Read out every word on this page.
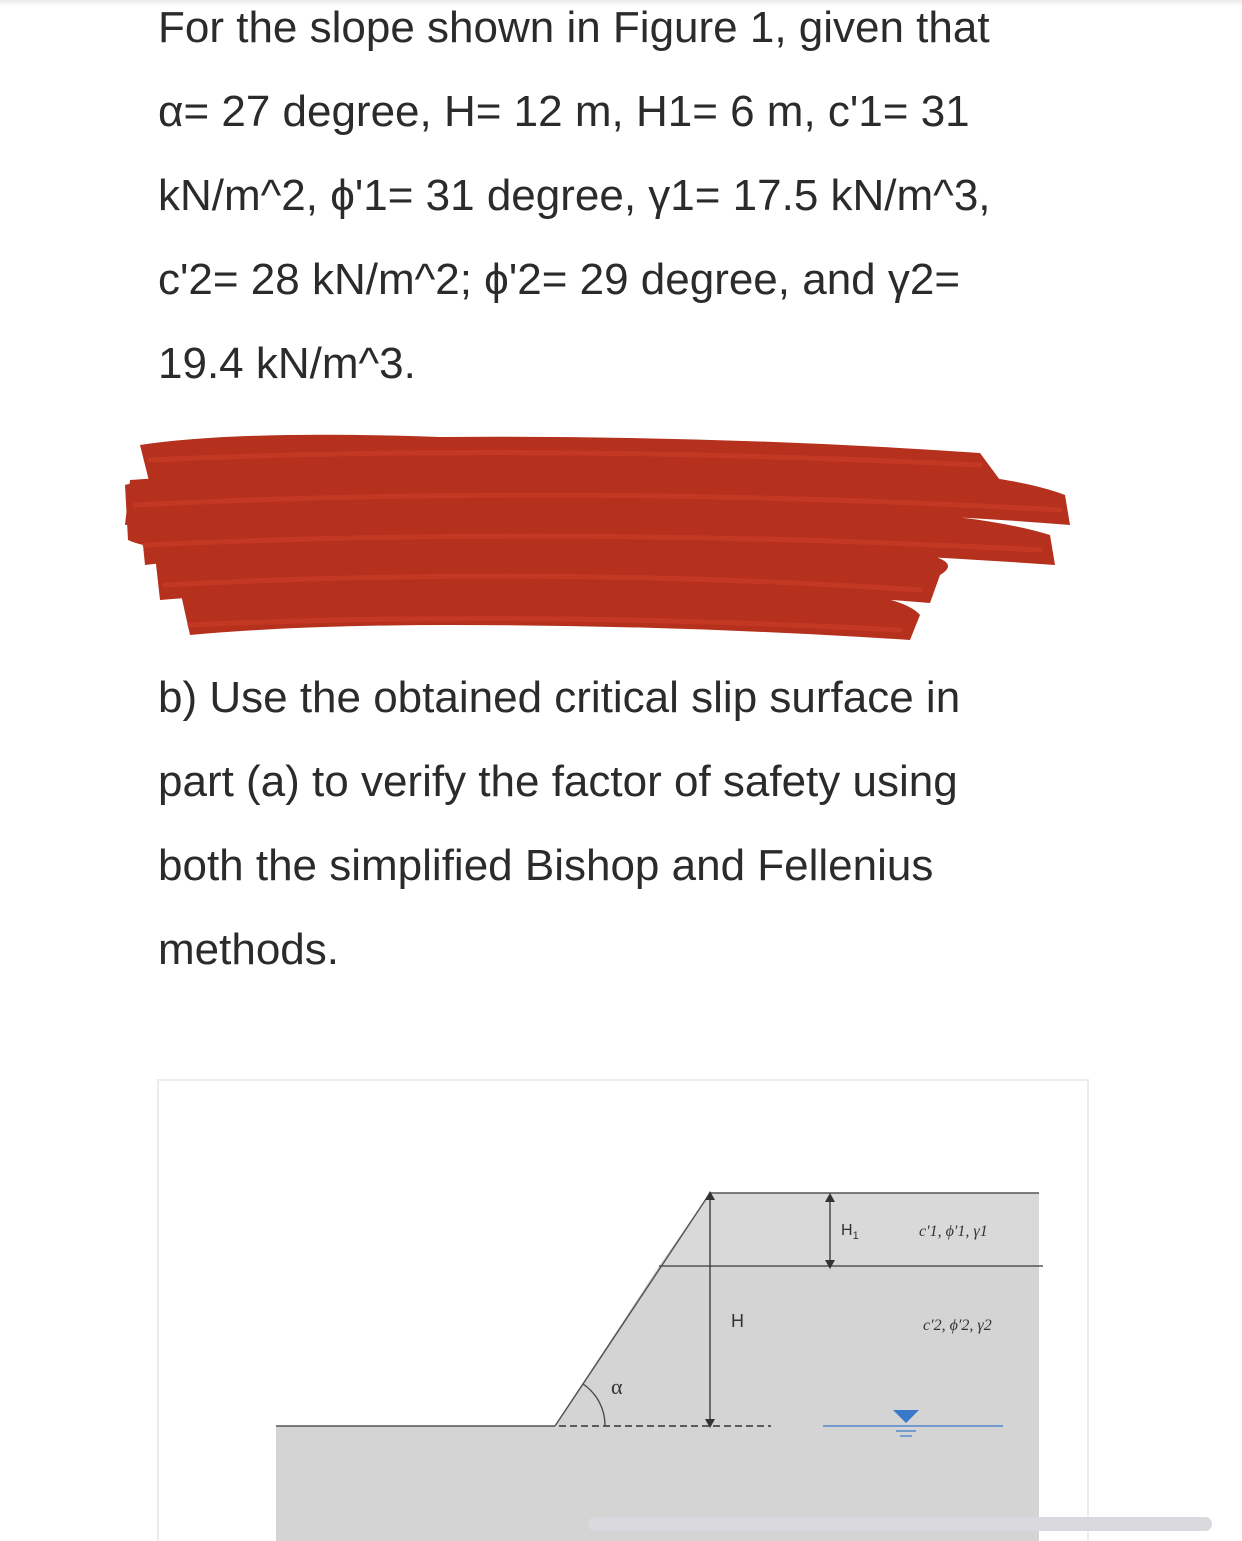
For the slope shown in Figure 1, given that
α= 27 degree, H= 12 m, H1= 6 m, c'1= 31
kN/m^2, ϕ'1= 31 degree, γ1= 17.5 kN/m^3,
c'2= 28 kN/m^2; ϕ'2= 29 degree, and γ2=
19.4 kN/m^3.
b) Use the obtained critical slip surface in
part (a) to verify the factor of safety using
both the simplified Bishop and Fellenius
methods.
$H_1$	c′1, ϕ′1, γ1
H	c′2, ϕ′2, γ2
α
